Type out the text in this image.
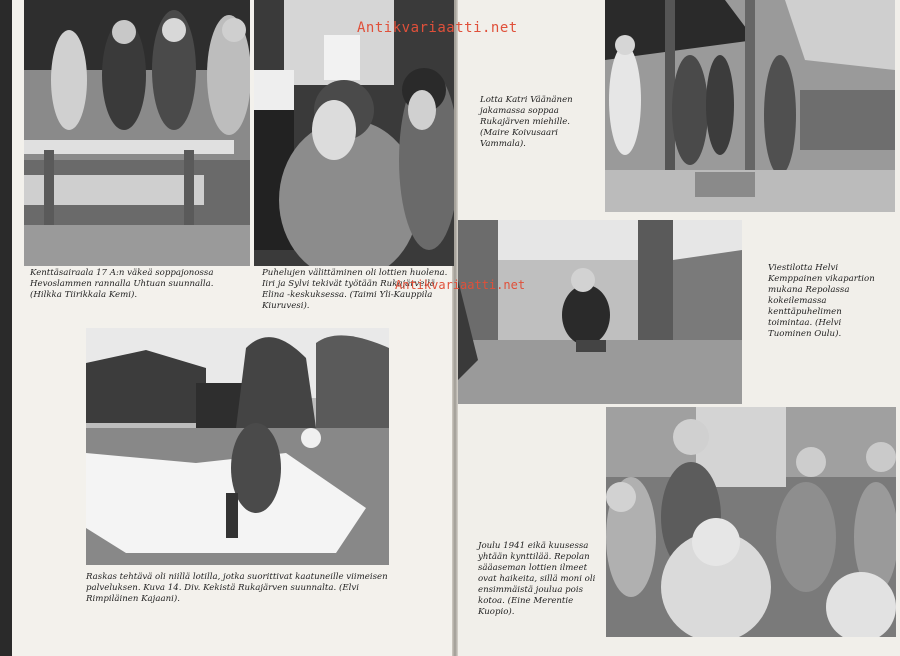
Kenttäsairaala 17 A:n väkeä soppajonossa Hevoslammen rannalla Uhtuan suunnalla. (Hilkka Tiirikkala Kemi).

Puhelujen välittäminen oli lottien huolena. Iiri ja Sylvi tekivät työtään Rukajärvellä Elina -keskuksessa. (Taimi Yli-Kauppila Kiuruvesi).

Raskas tehtävä oli niillä lotilla, jotka suorittivat kaatuneille viimeisen palveluksen. Kuva 14. Div. Kekistä Rukajärven suunnalta. (Elvi Rimpiläinen Kajaani).

Lotta Katri Väänänen jakamassa soppaa Rukajärven miehille. (Maire Koivusaari Vammala).

Viestilotta Helvi Kemppainen vikapartion mukana Repolassa kokeilemassa kenttäpuhelimen toimintaa. (Helvi Tuominen Oulu).

Joulu 1941 eikä kuusessa yhtään kynttilää. Repolan sääaseman lottien ilmeet ovat haikeita, sillä moni oli ensimmäistä joulua pois kotoa. (Eine Merentie Kuopio).

Antikvariaatti.net
Antikvariaatti.net
